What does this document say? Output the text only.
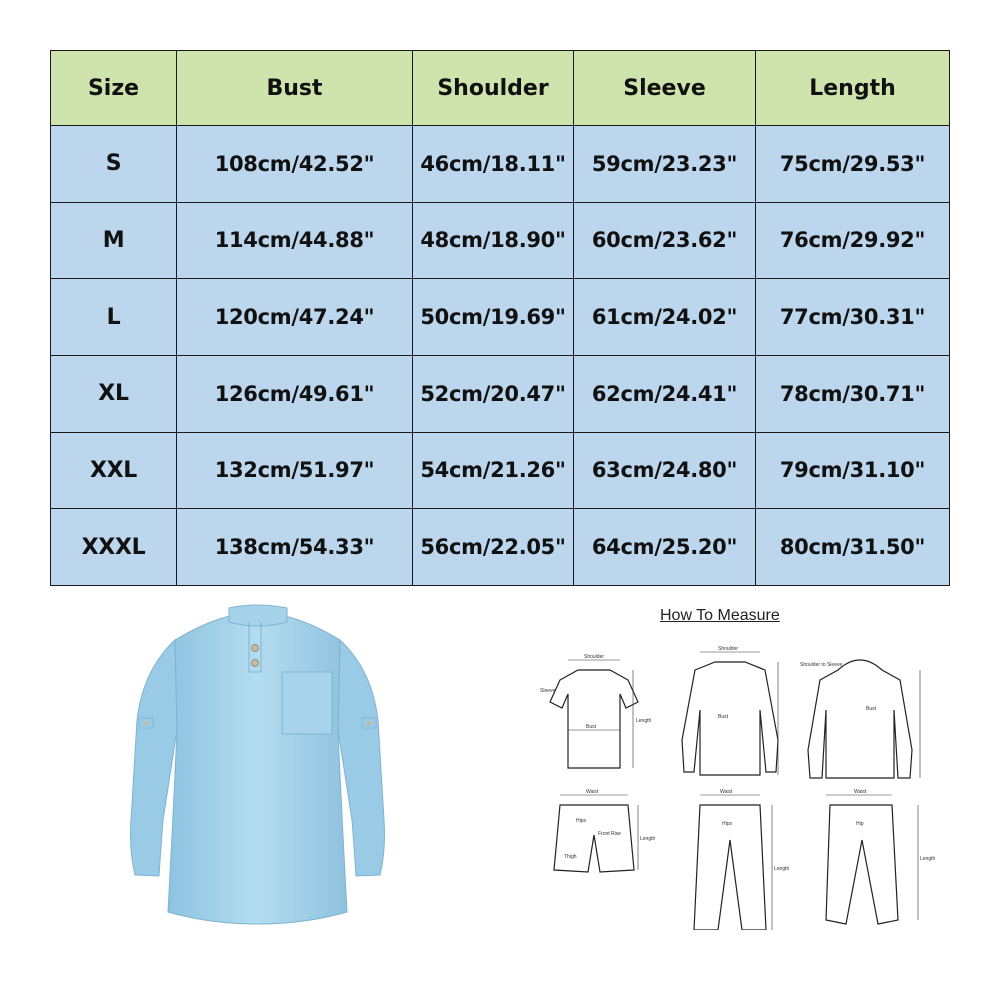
Size	Bust	Shoulder	Sleeve	Length

S	108cm/42.52"	46cm/18.11"	59cm/23.23"	75cm/29.53"
M	114cm/44.88"	48cm/18.90"	60cm/23.62"	76cm/29.92"
L	120cm/47.24"	50cm/19.69"	61cm/24.02"	77cm/30.31"
XL	126cm/49.61"	52cm/20.47"	62cm/24.41"	78cm/30.71"
XXL	132cm/51.97"	54cm/21.26"	63cm/24.80"	79cm/31.10"
XXXL	138cm/54.33"	56cm/22.05"	64cm/25.20"	80cm/31.50"
How To Measure
Shoulder
Bust
Length
Sleeve
Waist
Hips
Front Rise
Thigh
Length
Shoulder
Bust
Waist
Hips
Length
Bust
Shoulder to Sleeve
Waist
Hip
Length
